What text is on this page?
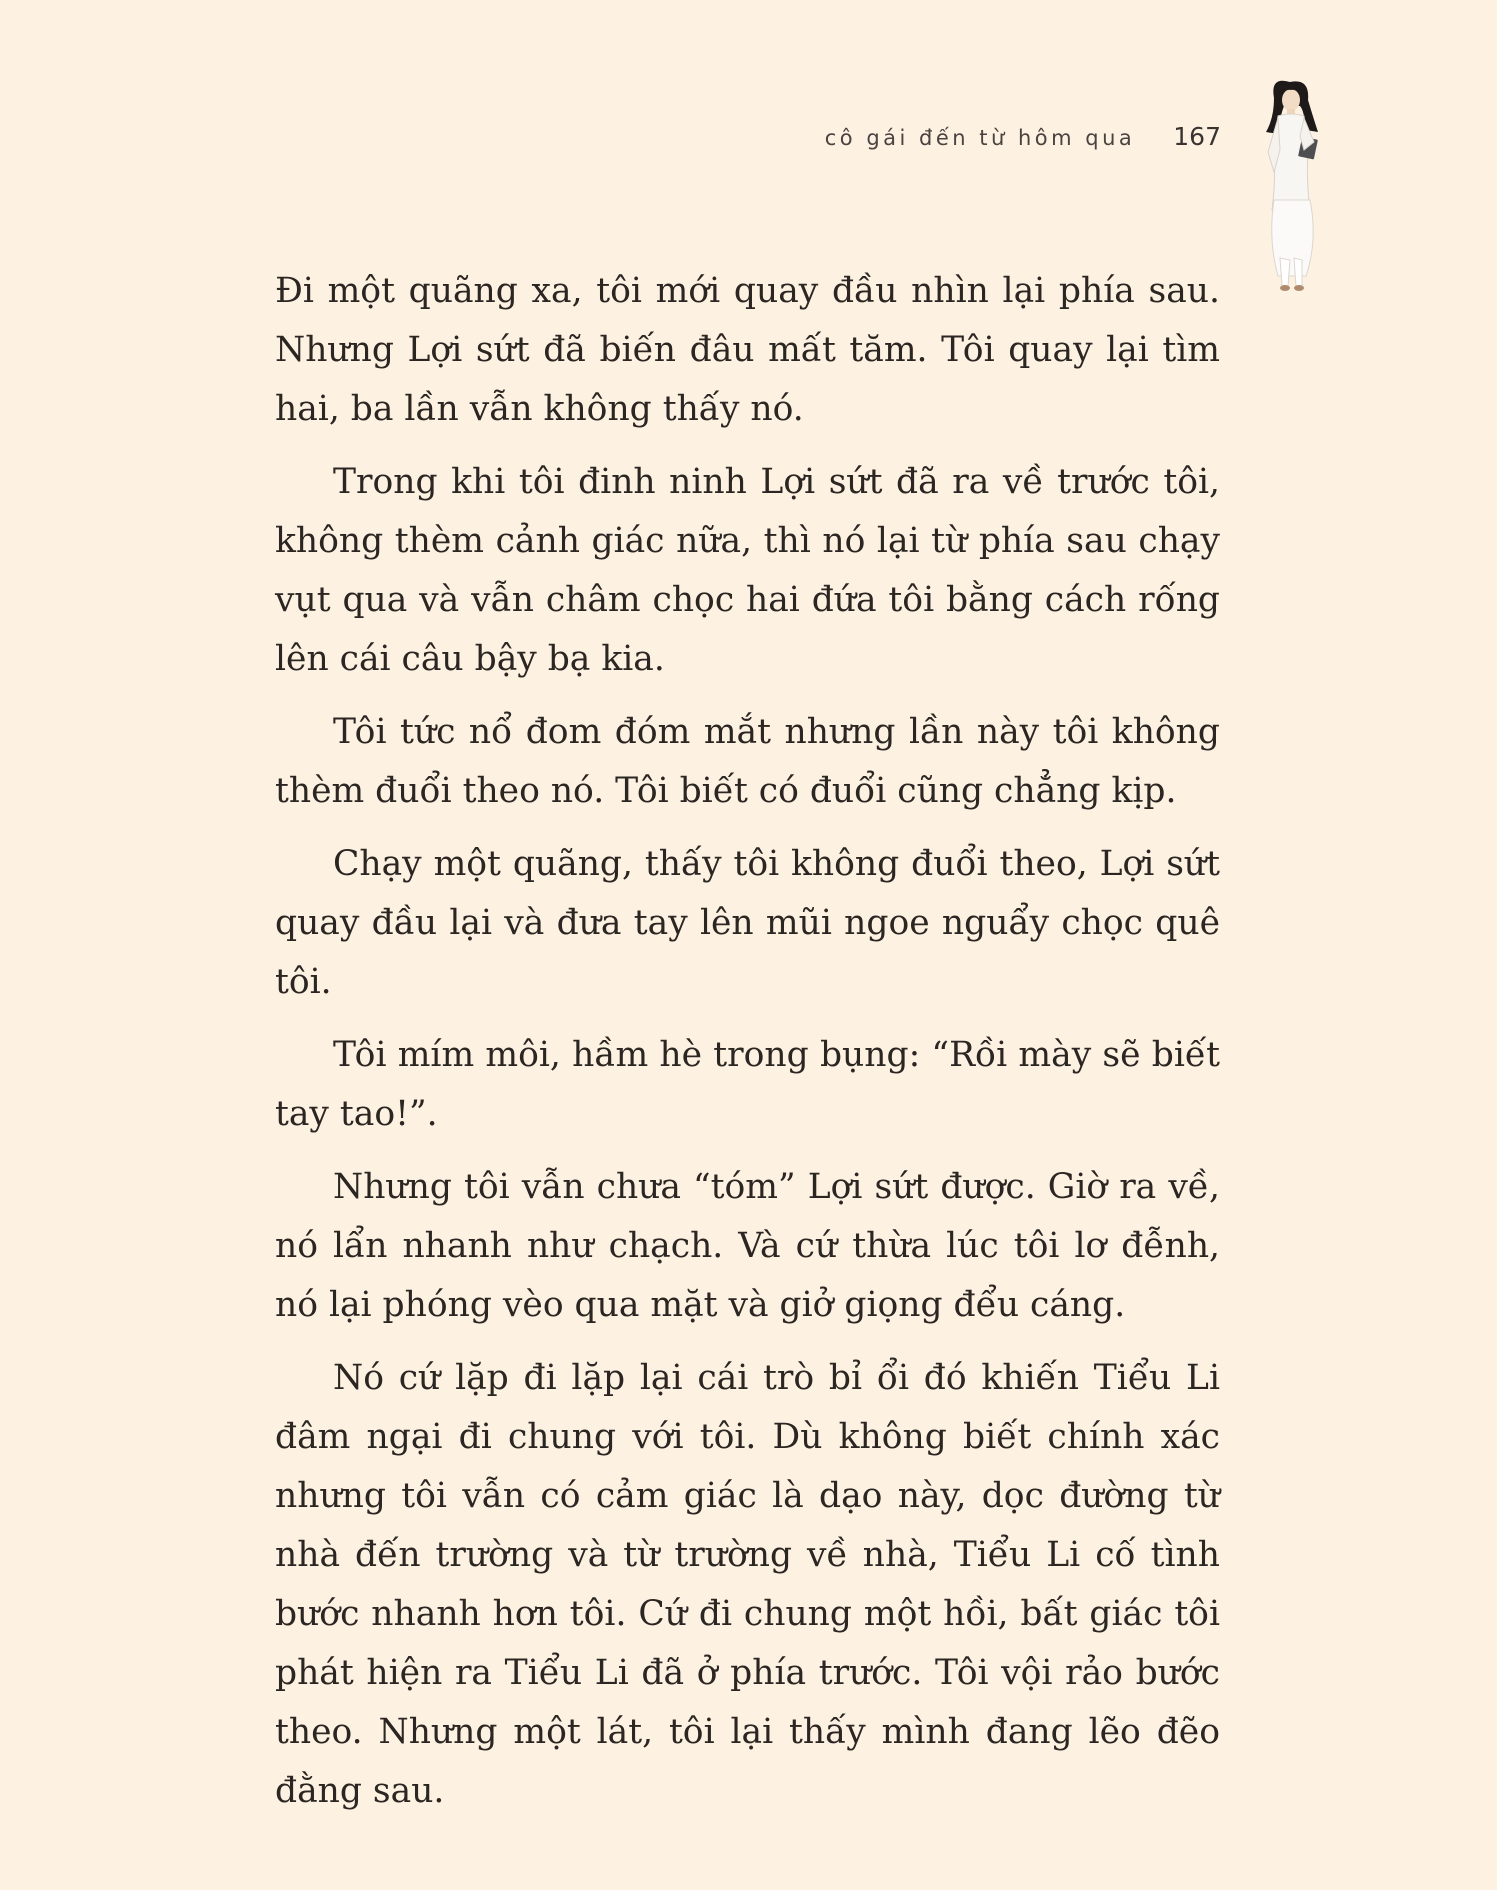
cô gái đến từ hôm qua 167

Đi một quãng xa, tôi mới quay đầu nhìn lại phía sau. Nhưng Lợi sứt đã biến đâu mất tăm. Tôi quay lại tìm hai, ba lần vẫn không thấy nó.

Trong khi tôi đinh ninh Lợi sứt đã ra về trước tôi, không thèm cảnh giác nữa, thì nó lại từ phía sau chạy vụt qua và vẫn châm chọc hai đứa tôi bằng cách rống lên cái câu bậy bạ kia.

Tôi tức nổ đom đóm mắt nhưng lần này tôi không thèm đuổi theo nó. Tôi biết có đuổi cũng chẳng kịp.

Chạy một quãng, thấy tôi không đuổi theo, Lợi sứt quay đầu lại và đưa tay lên mũi ngoe nguẩy chọc quê tôi.

Tôi mím môi, hầm hè trong bụng: “Rồi mày sẽ biết tay tao!”.

Nhưng tôi vẫn chưa “tóm” Lợi sứt được. Giờ ra về, nó lẩn nhanh như chạch. Và cứ thừa lúc tôi lơ đễnh, nó lại phóng vèo qua mặt và giở giọng đểu cáng.

Nó cứ lặp đi lặp lại cái trò bỉ ổi đó khiến Tiểu Li đâm ngại đi chung với tôi. Dù không biết chính xác nhưng tôi vẫn có cảm giác là dạo này, dọc đường từ nhà đến trường và từ trường về nhà, Tiểu Li cố tình bước nhanh hơn tôi. Cứ đi chung một hồi, bất giác tôi phát hiện ra Tiểu Li đã ở phía trước. Tôi vội rảo bước theo. Nhưng một lát, tôi lại thấy mình đang lẽo đẽo đằng sau.
